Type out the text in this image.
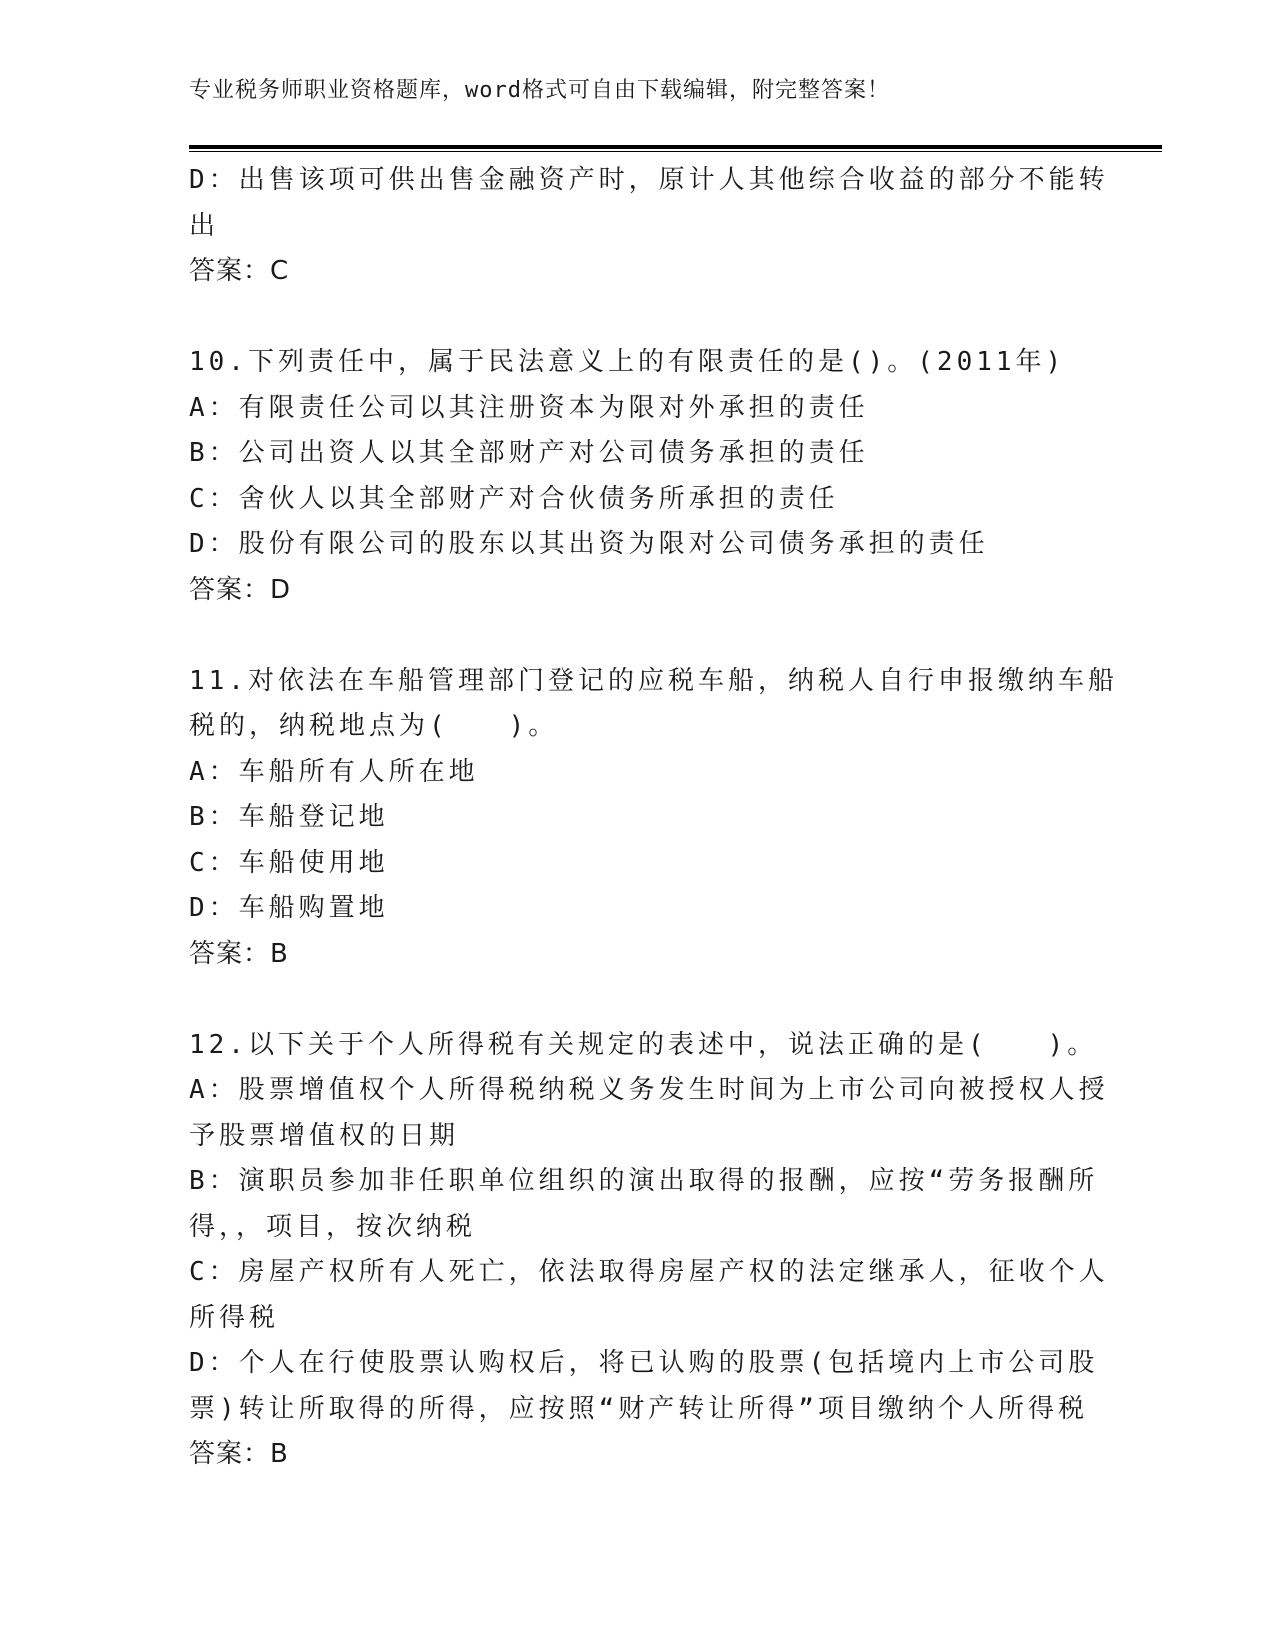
专业税务师职业资格题库，word格式可自由下载编辑，附完整答案！
D：出售该项可供出售金融资产时，原计人其他综合收益的部分不能转
出
答案：C
10.下列责任中，属于民法意义上的有限责任的是()。(2011年)
A：有限责任公司以其注册资本为限对外承担的责任
B：公司出资人以其全部财产对公司债务承担的责任
C：舍伙人以其全部财产对合伙债务所承担的责任
D：股份有限公司的股东以其出资为限对公司债务承担的责任
答案：D
11.对依法在车船管理部门登记的应税车船，纳税人自行申报缴纳车船
税的，纳税地点为(　　)。
A：车船所有人所在地
B：车船登记地
C：车船使用地
D：车船购置地
答案：B
12.以下关于个人所得税有关规定的表述中，说法正确的是(　　)。
A：股票增值权个人所得税纳税义务发生时间为上市公司向被授权人授
予股票增值权的日期
B：演职员参加非任职单位组织的演出取得的报酬，应按“劳务报酬所
得，，项目，按次纳税
C：房屋产权所有人死亡，依法取得房屋产权的法定继承人，征收个人
所得税
D：个人在行使股票认购权后，将已认购的股票(包括境内上市公司股
票)转让所取得的所得，应按照“财产转让所得”项目缴纳个人所得税
答案：B
